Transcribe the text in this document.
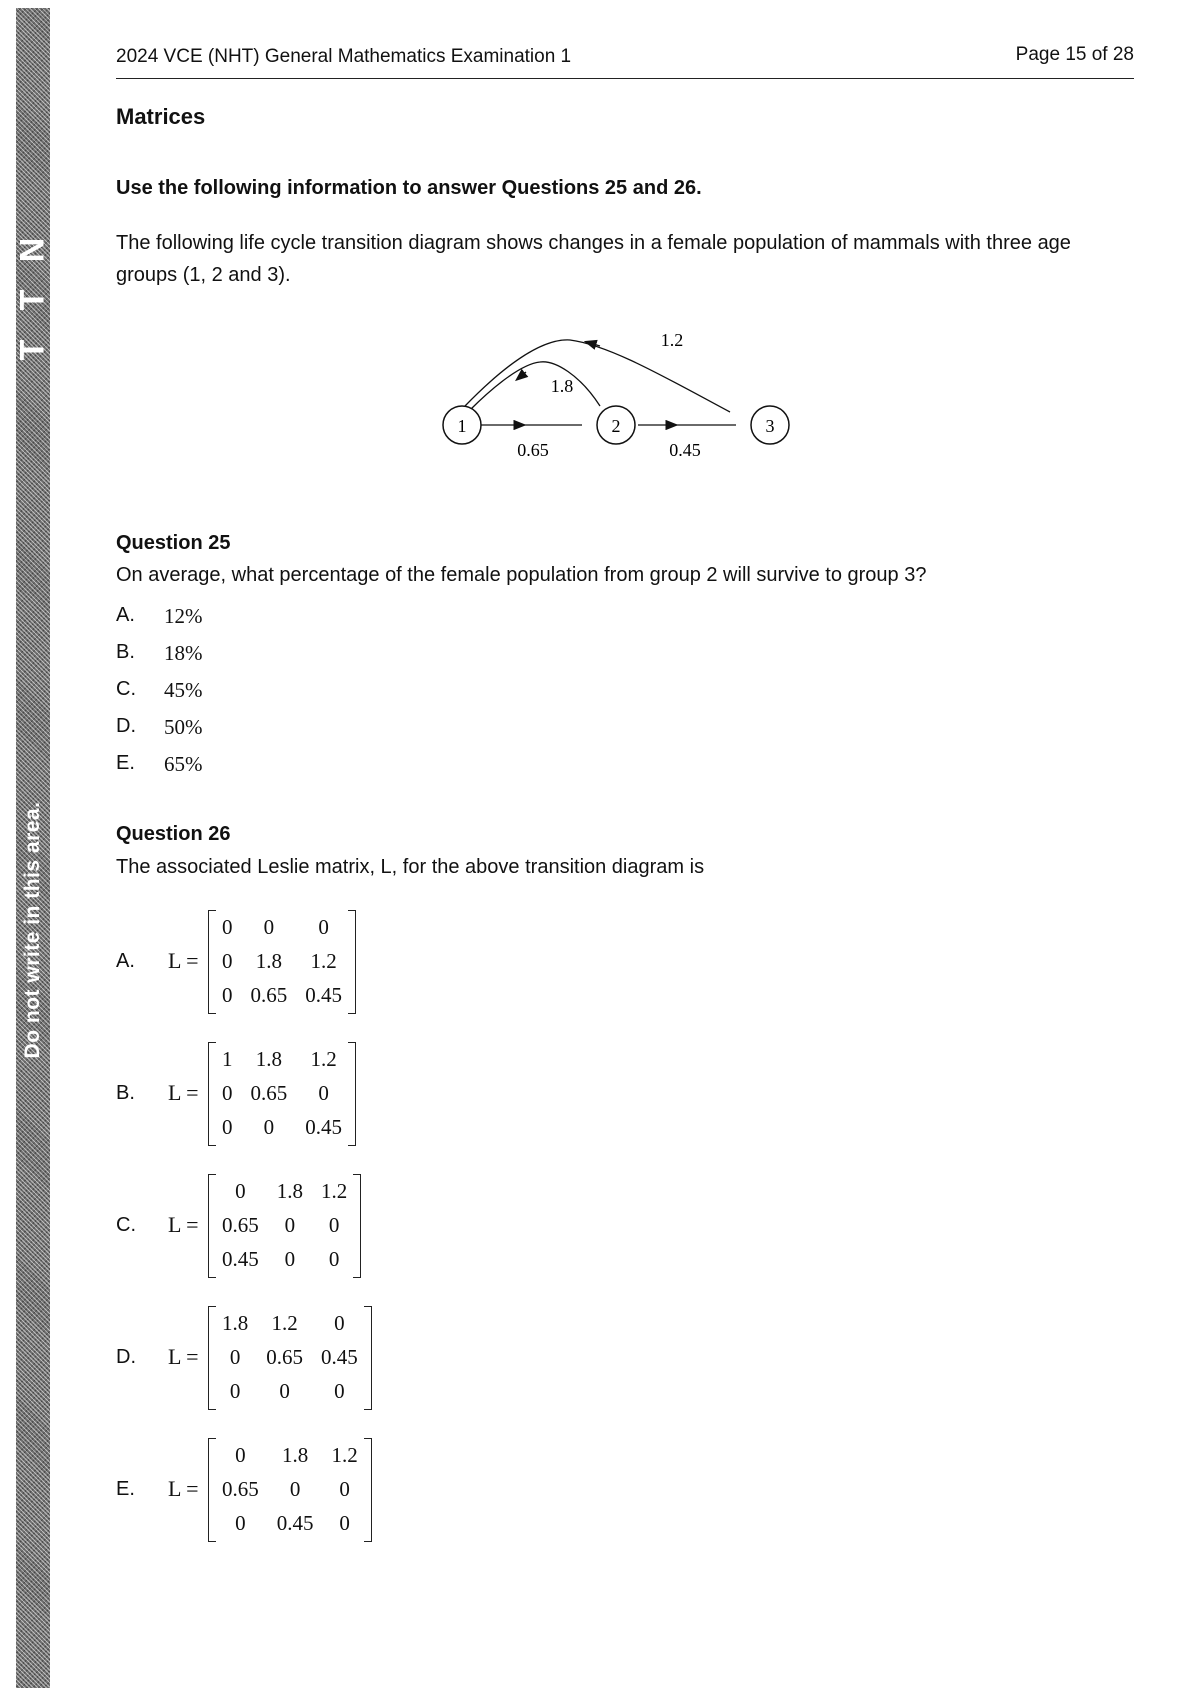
N
T
T
Do not write in this area.
2024 VCE (NHT) General Mathematics Examination 1	Page 15 of 28
Matrices
Use the following information to answer Questions 25 and 26.
The following life cycle transition diagram shows changes in a female population of mammals with three age groups (1, 2 and 3).
1	2	3
0.65	0.45
1.8
1.2
Question 25
On average, what percentage of the female population from group 2 will survive to group 3?
A. 12%
B. 18%
C. 45%
D. 50%
E. 65%
Question 26
The associated Leslie matrix, L, for the above transition diagram is
A. L =
0	0	0
0	1.8	1.2
0	0.65	0.45
B. L =
1	1.8	1.2
0	0.65	0
0	0	0.45
C. L =
0	1.8	1.2
0.65	0	0
0.45	0	0
D. L =
1.8	1.2	0
0	0.65	0.45
0	0	0
E. L =
0	1.8	1.2
0.65	0	0
0	0.45	0
